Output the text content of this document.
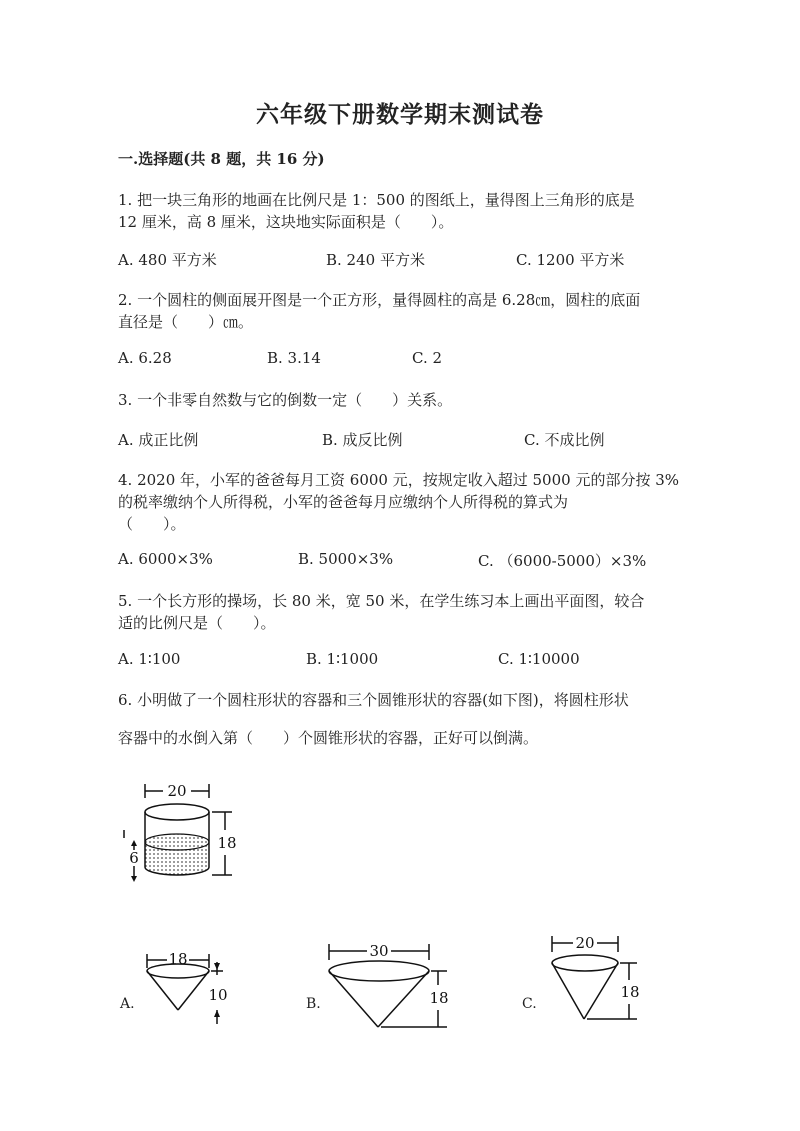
六年级下册数学期末测试卷
一.选择题(共 8 题，共 16 分)
1. 把一块三角形的地画在比例尺是 1：500 的图纸上，量得图上三角形的底是
12 厘米，高 8 厘米，这块地实际面积是（　　）。
A. 480 平方米	B. 240 平方米	C. 1200 平方米
2. 一个圆柱的侧面展开图是一个正方形，量得圆柱的高是 6.28㎝，圆柱的底面
直径是（　　）㎝。
A. 6.28	B. 3.14	C. 2
3. 一个非零自然数与它的倒数一定（　　）关系。
A. 成正比例	B. 成反比例	C. 不成比例
4. 2020 年，小军的爸爸每月工资 6000 元，按规定收入超过 5000 元的部分按 3%
的税率缴纳个人所得税，小军的爸爸每月应缴纳个人所得税的算式为
（　　）。
A. 6000×3%	B. 5000×3%	C. （6000-5000）×3%
5. 一个长方形的操场，长 80 米，宽 50 米，在学生练习本上画出平面图，较合
适的比例尺是（　　）。
A. 1∶100	B. 1∶1000	C. 1∶10000
6. 小明做了一个圆柱形状的容器和三个圆锥形状的容器(如下图)，将圆柱形状
容器中的水倒入第（　　）个圆锥形状的容器，正好可以倒满。
20
18
6
A.
18
10	B.
30
18	C.
20
18
